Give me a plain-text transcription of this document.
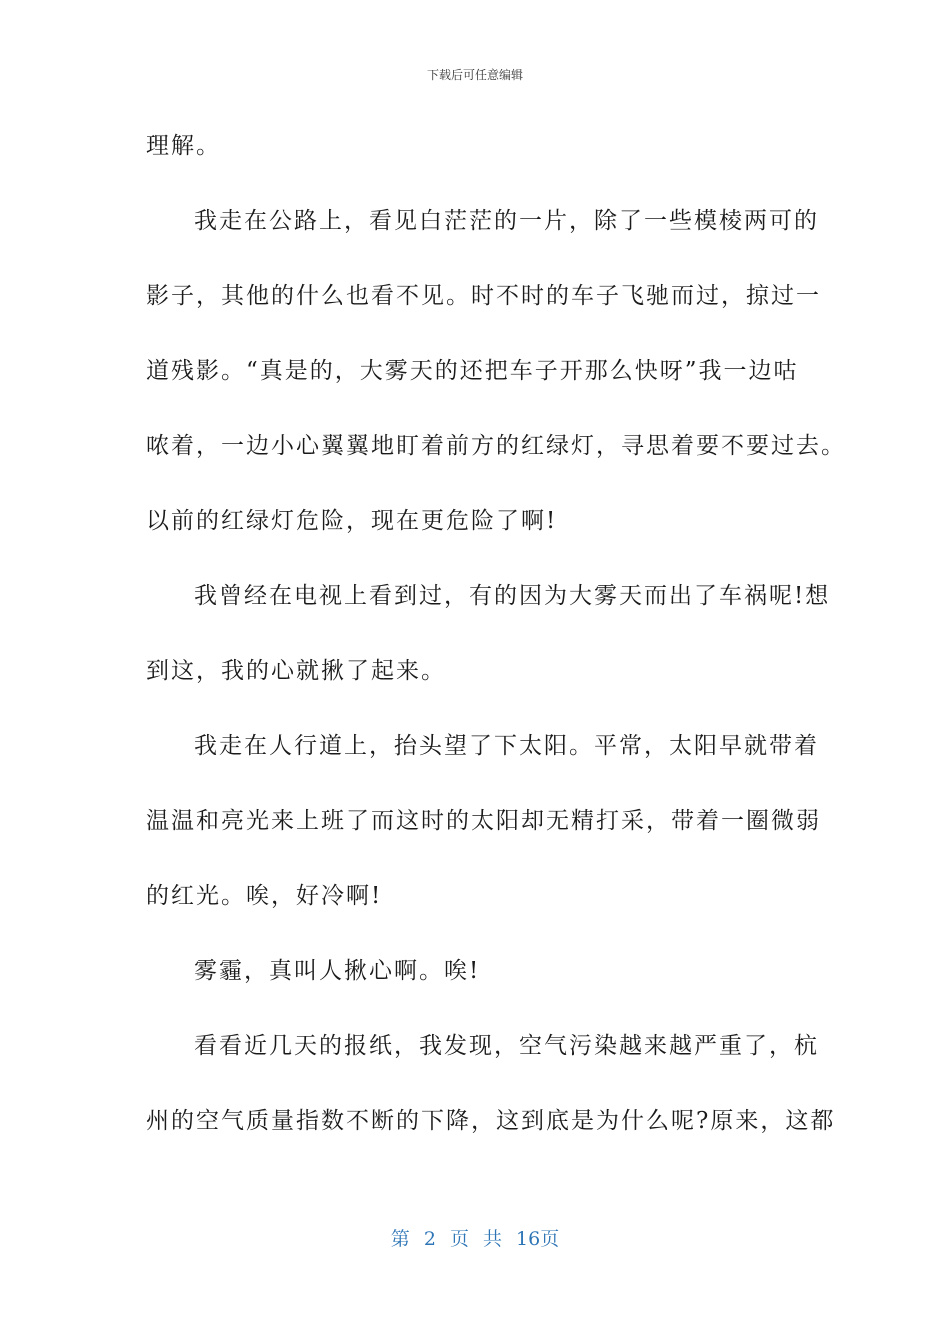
下载后可任意编辑
理解。
我走在公路上，看见白茫茫的一片，除了一些模棱两可的
影子，其他的什么也看不见。时不时的车子飞驰而过，掠过一
道残影。“真是的，大雾天的还把车子开那么快呀”我一边咕
哝着，一边小心翼翼地盯着前方的红绿灯，寻思着要不要过去。
以前的红绿灯危险，现在更危险了啊!
我曾经在电视上看到过，有的因为大雾天而出了车祸呢!想
到这，我的心就揪了起来。
我走在人行道上，抬头望了下太阳。平常，太阳早就带着
温温和亮光来上班了而这时的太阳却无精打采，带着一圈微弱
的红光。唉，好冷啊!
雾霾，真叫人揪心啊。唉!
看看近几天的报纸，我发现，空气污染越来越严重了，杭
州的空气质量指数不断的下降，这到底是为什么呢?原来，这都
第 2 页 共 16页
